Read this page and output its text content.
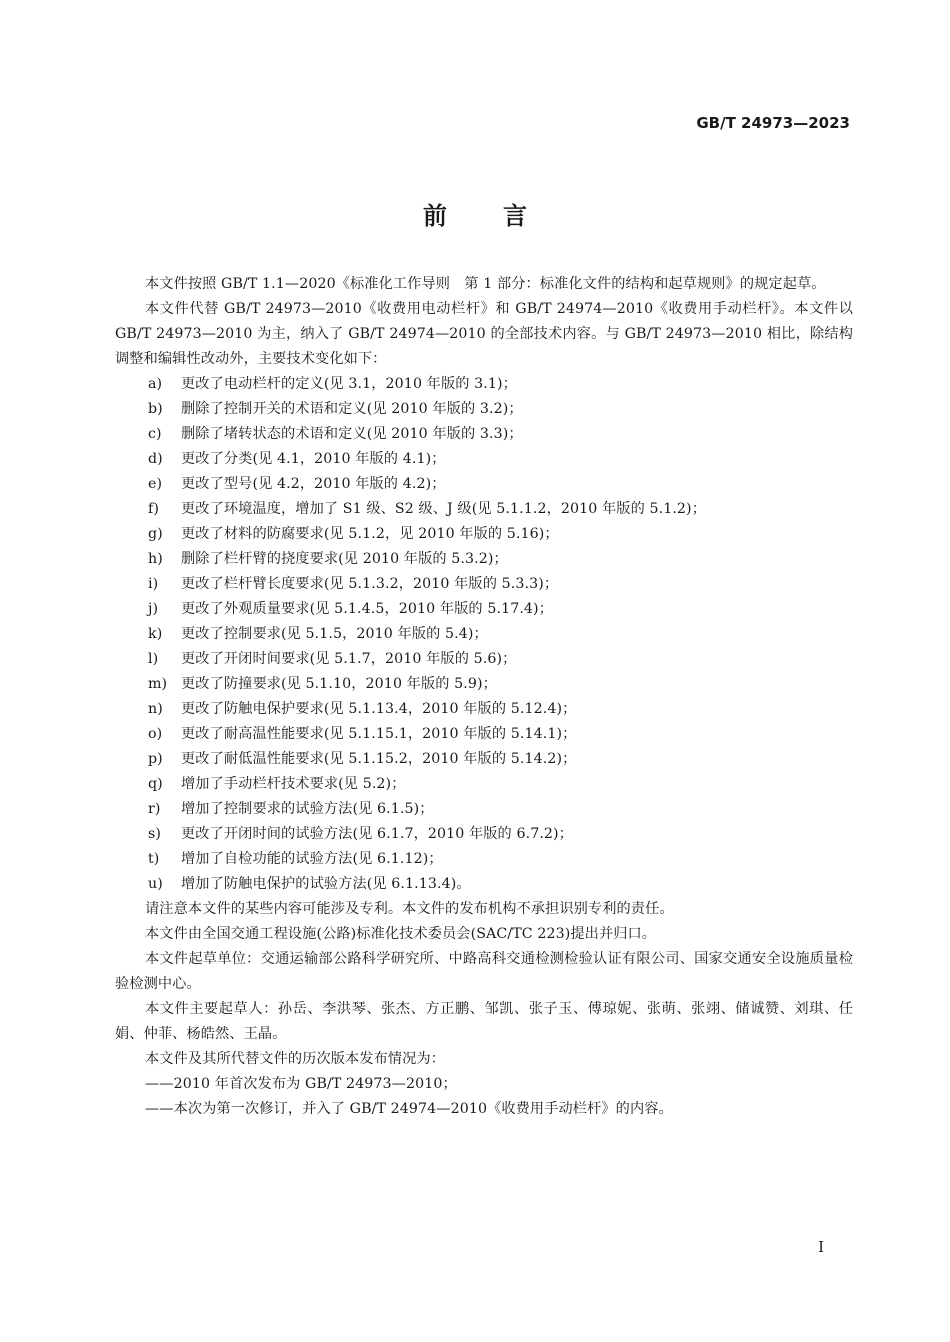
GB/T 24973—2023
前言

本文件按照 GB/T 1.1—2020《标准化工作导则　第 1 部分：标准化文件的结构和起草规则》的规定起草。

本文件代替 GB/T 24973—2010《收费用电动栏杆》和 GB/T 24974—2010《收费用手动栏杆》。本文件以 GB/T 24973—2010 为主，纳入了 GB/T 24974—2010 的全部技术内容。与 GB/T 24973—2010 相比，除结构调整和编辑性改动外，主要技术变化如下：

a) 更改了电动栏杆的定义(见 3.1，2010 年版的 3.1)；
b) 删除了控制开关的术语和定义(见 2010 年版的 3.2)；
c) 删除了堵转状态的术语和定义(见 2010 年版的 3.3)；
d) 更改了分类(见 4.1，2010 年版的 4.1)；
e) 更改了型号(见 4.2，2010 年版的 4.2)；
f) 更改了环境温度，增加了 S1 级、S2 级、J 级(见 5.1.1.2，2010 年版的 5.1.2)；
g) 更改了材料的防腐要求(见 5.1.2，见 2010 年版的 5.16)；
h) 删除了栏杆臂的挠度要求(见 2010 年版的 5.3.2)；
i) 更改了栏杆臂长度要求(见 5.1.3.2，2010 年版的 5.3.3)；
j) 更改了外观质量要求(见 5.1.4.5，2010 年版的 5.17.4)；
k) 更改了控制要求(见 5.1.5，2010 年版的 5.4)；
l) 更改了开闭时间要求(见 5.1.7，2010 年版的 5.6)；
m) 更改了防撞要求(见 5.1.10，2010 年版的 5.9)；
n) 更改了防触电保护要求(见 5.1.13.4，2010 年版的 5.12.4)；
o) 更改了耐高温性能要求(见 5.1.15.1，2010 年版的 5.14.1)；
p) 更改了耐低温性能要求(见 5.1.15.2，2010 年版的 5.14.2)；
q) 增加了手动栏杆技术要求(见 5.2)；
r) 增加了控制要求的试验方法(见 6.1.5)；
s) 更改了开闭时间的试验方法(见 6.1.7，2010 年版的 6.7.2)；
t) 增加了自检功能的试验方法(见 6.1.12)；
u) 增加了防触电保护的试验方法(见 6.1.13.4)。

请注意本文件的某些内容可能涉及专利。本文件的发布机构不承担识别专利的责任。

本文件由全国交通工程设施(公路)标准化技术委员会(SAC/TC 223)提出并归口。

本文件起草单位：交通运输部公路科学研究所、中路高科交通检测检验认证有限公司、国家交通安全设施质量检验检测中心。

本文件主要起草人：孙岳、李洪琴、张杰、方正鹏、邹凯、张子玉、傅琼妮、张萌、张翊、储诚赞、刘琪、任娟、仲菲、杨皓然、王晶。

本文件及其所代替文件的历次版本发布情况为：

——2010 年首次发布为 GB/T 24973—2010；

——本次为第一次修订，并入了 GB/T 24974—2010《收费用手动栏杆》的内容。

I
